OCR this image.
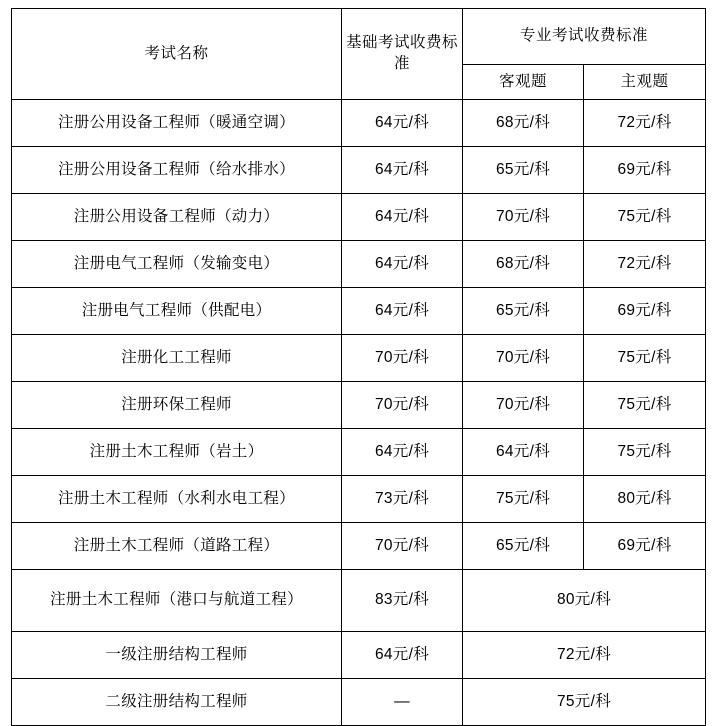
考试名称	基础考试收费标准	专业考试收费标准	
		客观题	主观题
注册公用设备工程师（暖通空调）	64元/科	68元/科	72元/科
注册公用设备工程师（给水排水）	64元/科	65元/科	69元/科
注册公用设备工程师（动力）	64元/科	70元/科	75元/科
注册电气工程师（发输变电）	64元/科	68元/科	72元/科
注册电气工程师（供配电）	64元/科	65元/科	69元/科
注册化工工程师	70元/科	70元/科	75元/科
注册环保工程师	70元/科	70元/科	75元/科
注册土木工程师（岩土）	64元/科	64元/科	75元/科
注册土木工程师（水利水电工程）	73元/科	75元/科	80元/科
注册土木工程师（道路工程）	70元/科	65元/科	69元/科
注册土木工程师（港口与航道工程）	83元/科	80元/科	
一级注册结构工程师	64元/科	72元/科	
二级注册结构工程师	—	75元/科	
